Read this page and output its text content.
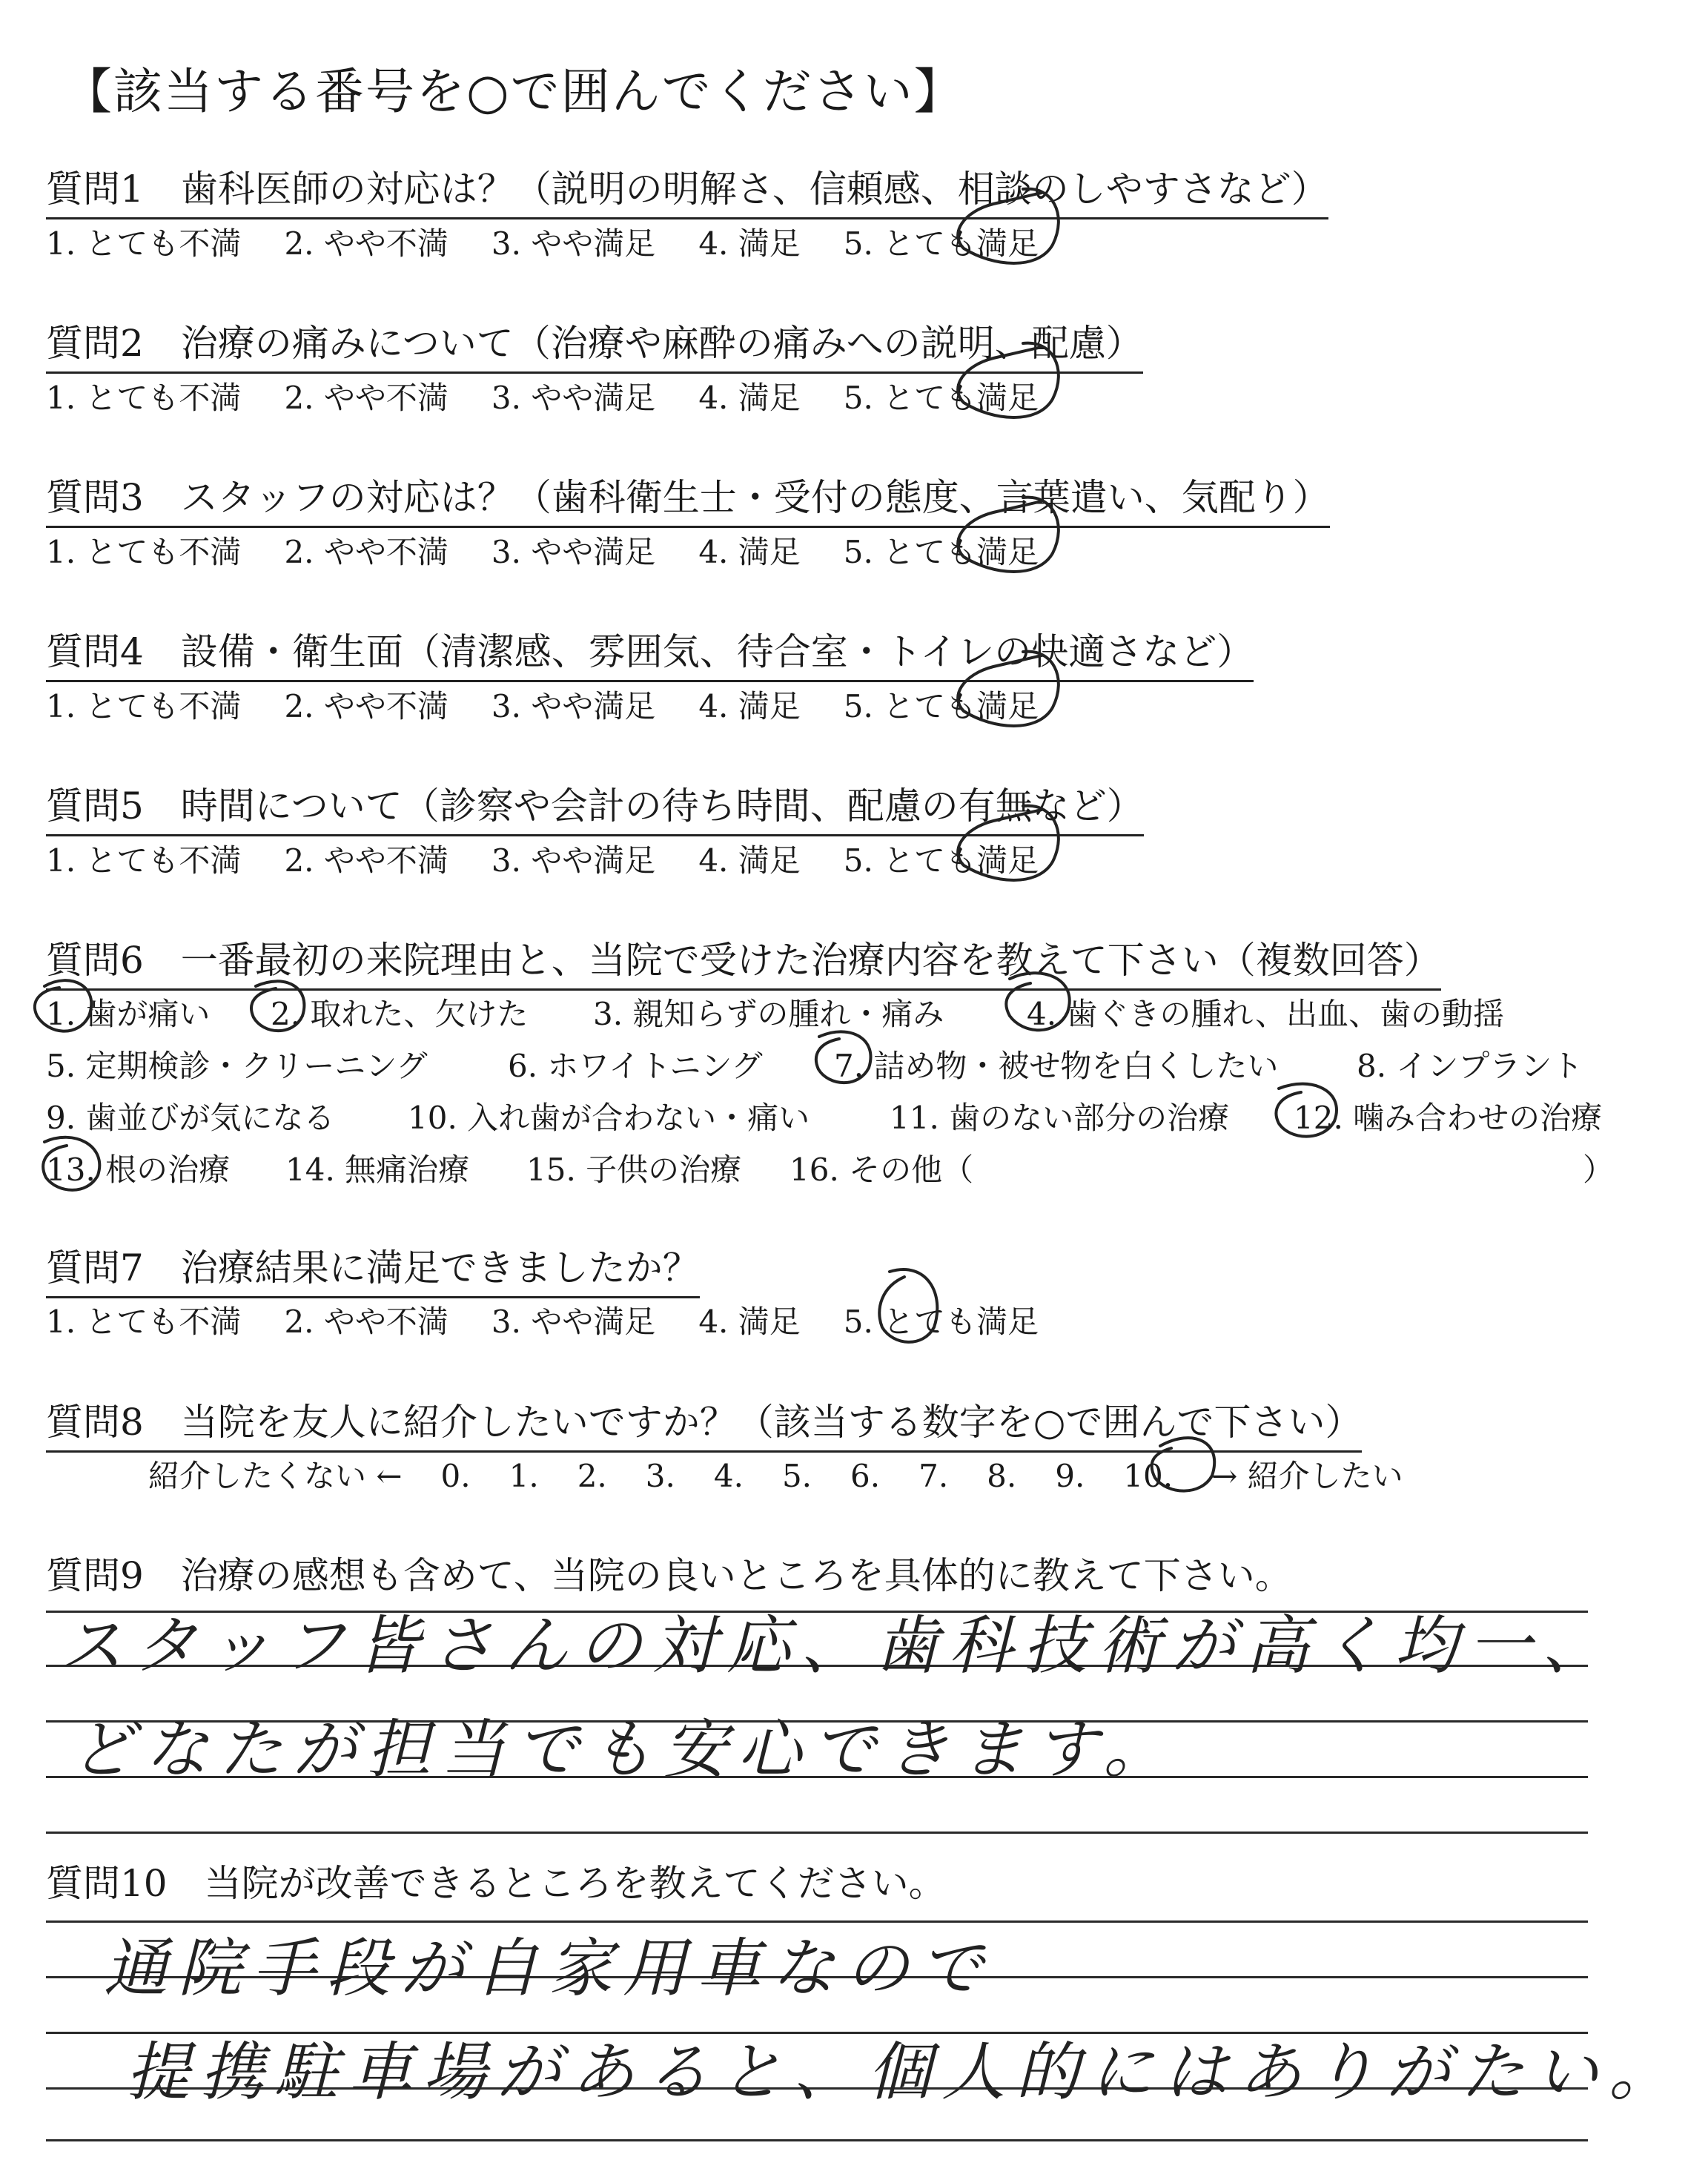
【該当する番号を○で囲んでください】
質問1　歯科医師の対応は？（説明の明解さ、信頼感、相談のしやすさなど）
1. とても不満 2. やや不満 3. やや満足 4. 満足 5. とても満足
質問2　治療の痛みについて（治療や麻酔の痛みへの説明、配慮）
1. とても不満 2. やや不満 3. やや満足 4. 満足 5. とても満足
質問3　スタッフの対応は？（歯科衛生士・受付の態度、言葉遣い、気配り）
1. とても不満 2. やや不満 3. やや満足 4. 満足 5. とても満足
質問4　設備・衛生面（清潔感、雰囲気、待合室・トイレの快適さなど）
1. とても不満 2. やや不満 3. やや満足 4. 満足 5. とても満足
質問5　時間について（診察や会計の待ち時間、配慮の有無など）
1. とても不満 2. やや不満 3. やや満足 4. 満足 5. とても満足
質問6　一番最初の来院理由と、当院で受けた治療内容を教えて下さい（複数回答）
1. 歯が痛い 2. 取れた、欠けた 3. 親知らずの腫れ・痛み	4. 歯ぐきの腫れ、出血、歯の動揺
5. 定期検診・クリーニング	6. ホワイトニング 7. 詰め物・被せ物を白くしたい	8. インプラント
9. 歯並びが気になる 10. 入れ歯が合わない・痛い	11. 歯のない部分の治療 12. 噛み合わせの治療
13. 根の治療 14. 無痛治療 15. 子供の治療 16. その他（	）
質問7　治療結果に満足できましたか？
1. とても不満 2. やや不満 3. やや満足 4. 満足 5. とても満足
質問8　当院を友人に紹介したいですか？（該当する数字を○で囲んで下さい）
紹介したくない ← 0. 1. 2. 3. 4. 5. 6. 7. 8. 9. 10. → 紹介したい
質問9　治療の感想も含めて、当院の良いところを具体的に教えて下さい。
スタッフ皆さんの対応、歯科技術が高く均一、
どなたが担当でも安心できます。
質問10　当院が改善できるところを教えてください。
通院手段が自家用車なので
提携駐車場があると、個人的にはありがたい。
